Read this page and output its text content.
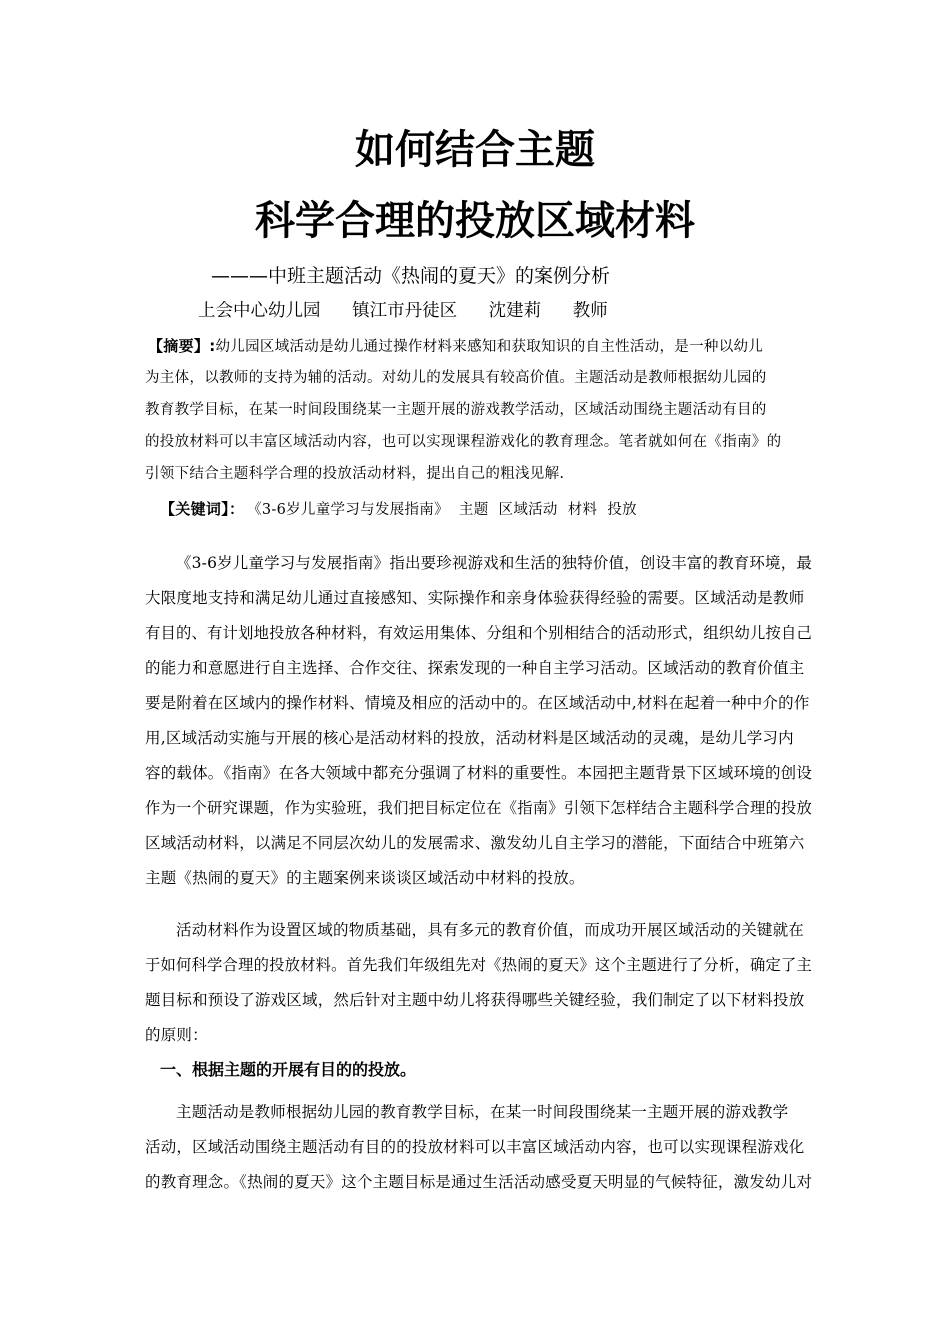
如何结合主题
科学合理的投放区域材料
———中班主题活动《热闹的夏天》的案例分析
上会中心幼儿园 镇江市丹徒区 沈建莉 教师
【摘要】:幼儿园区域活动是幼儿通过操作材料来感知和获取知识的自主性活动，是一种以幼儿
为主体，以教师的支持为辅的活动。对幼儿的发展具有较高价值。主题活动是教师根据幼儿园的
教育教学目标，在某一时间段围绕某一主题开展的游戏教学活动，区域活动围绕主题活动有目的
的投放材料可以丰富区域活动内容，也可以实现课程游戏化的教育理念。笔者就如何在《指南》的
引领下结合主题科学合理的投放活动材料，提出自己的粗浅见解.
【关键词】： 《3-6岁儿童学习与发展指南》 主题 区域活动 材料 投放
《3-6岁儿童学习与发展指南》指出要珍视游戏和生活的独特价值，创设丰富的教育环境，最
大限度地支持和满足幼儿通过直接感知、实际操作和亲身体验获得经验的需要。区域活动是教师
有目的、有计划地投放各种材料，有效运用集体、分组和个别相结合的活动形式，组织幼儿按自己
的能力和意愿进行自主选择、合作交往、探索发现的一种自主学习活动。区域活动的教育价值主
要是附着在区域内的操作材料、情境及相应的活动中的。在区域活动中,材料在起着一种中介的作
用,区域活动实施与开展的核心是活动材料的投放，活动材料是区域活动的灵魂，是幼儿学习内
容的载体。《指南》在各大领域中都充分强调了材料的重要性。本园把主题背景下区域环境的创设
作为一个研究课题，作为实验班，我们把目标定位在《指南》引领下怎样结合主题科学合理的投放
区域活动材料，以满足不同层次幼儿的发展需求、激发幼儿自主学习的潜能，下面结合中班第六
主题《热闹的夏天》的主题案例来谈谈区域活动中材料的投放。
活动材料作为设置区域的物质基础，具有多元的教育价值，而成功开展区域活动的关键就在
于如何科学合理的投放材料。首先我们年级组先对《热闹的夏天》这个主题进行了分析，确定了主
题目标和预设了游戏区域，然后针对主题中幼儿将获得哪些关键经验，我们制定了以下材料投放
的原则：
一、根据主题的开展有目的的投放。
主题活动是教师根据幼儿园的教育教学目标，在某一时间段围绕某一主题开展的游戏教学
活动，区域活动围绕主题活动有目的的投放材料可以丰富区域活动内容，也可以实现课程游戏化
的教育理念。《热闹的夏天》这个主题目标是通过生活活动感受夏天明显的气候特征，激发幼儿对
